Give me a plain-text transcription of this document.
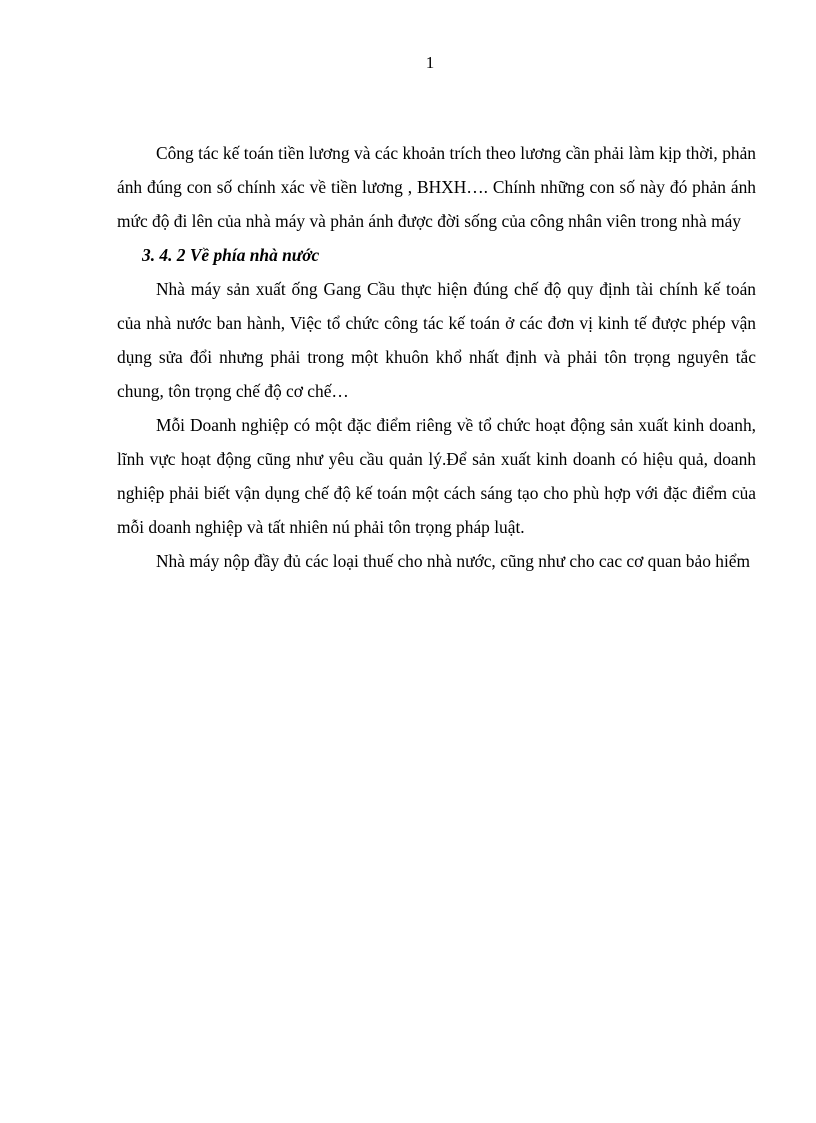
1

Công tác kế toán tiền lương và các khoản trích theo lương cần phải làm kịp thời, phản ánh đúng con số chính xác về tiền lương , BHXH…. Chính những con số này đó phản ánh mức độ đi lên của nhà máy và phản ánh được đời sống của công nhân viên trong nhà máy

3. 4. 2 Về phía nhà nước

Nhà máy sản xuất ống Gang Cầu thực hiện đúng chế độ quy định tài chính kế toán của nhà nước ban hành, Việc tổ chức công tác kế toán ở các đơn vị kinh tế được phép vận dụng sửa đổi nhưng phải trong một khuôn khổ nhất định và phải tôn trọng nguyên tắc chung, tôn trọng chế độ cơ chế…

Mỗi Doanh nghiệp có một đặc điểm riêng về tổ chức hoạt động sản xuất kinh doanh, lĩnh vực hoạt động cũng như yêu cầu quản lý.Để sản xuất kinh doanh có hiệu quả, doanh nghiệp phải biết vận dụng chế độ kế toán một cách sáng tạo cho phù hợp với đặc điểm của mỗi doanh nghiệp và tất nhiên nú phải tôn trọng pháp luật.

Nhà máy nộp đầy đủ các loại thuế cho nhà nước, cũng như cho cac cơ quan bảo hiểm
